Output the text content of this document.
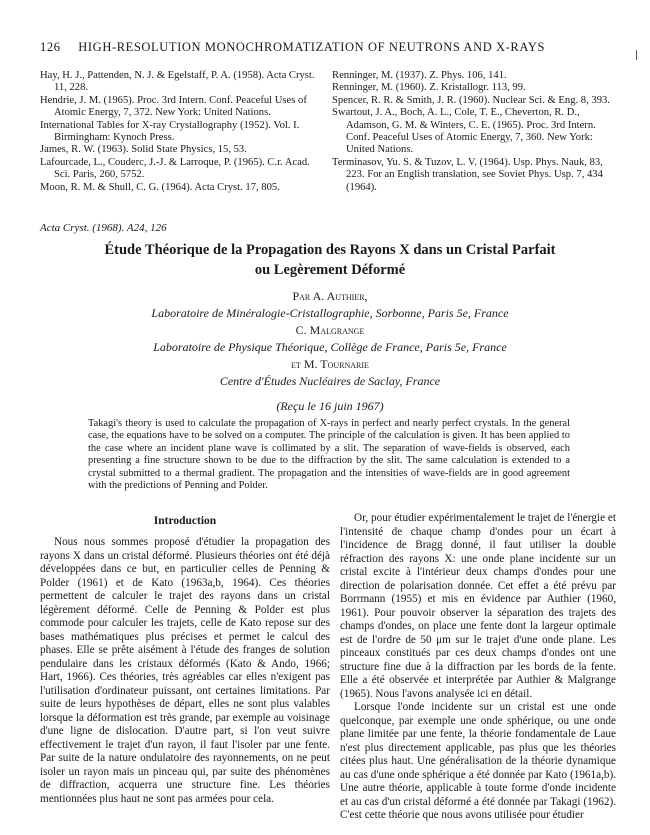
126 HIGH-RESOLUTION MONOCHROMATIZATION OF NEUTRONS AND X-RAYS

Hay, H. J., Pattenden, N. J. & Egelstaff, P. A. (1958). Acta Cryst. 11, 228.

Hendrie, J. M. (1965). Proc. 3rd Intern. Conf. Peaceful Uses of Atomic Energy, 7, 372. New York: United Nations.

International Tables for X-ray Crystallography (1952). Vol. I. Birmingham: Kynoch Press.

James, R. W. (1963). Solid State Physics, 15, 53.

Lafourcade, L., Couderc, J.-J. & Larroque, P. (1965). C.r. Acad. Sci. Paris, 260, 5752.

Moon, R. M. & Shull, C. G. (1964). Acta Cryst. 17, 805.

Renninger, M. (1937). Z. Phys. 106, 141.

Renninger, M. (1960). Z. Kristallogr. 113, 99.

Spencer, R. R. & Smith, J. R. (1960). Nuclear Sci. & Eng. 8, 393.

Swartout, J. A., Boch, A. L., Cole, T. E., Cheverton, R. D., Adamson, G. M. & Winters, C. E. (1965). Proc. 3rd Intern. Conf. Peaceful Uses of Atomic Energy, 7, 360. New York: United Nations.

Terminasov, Yu. S. & Tuzov, L. V. (1964). Usp. Phys. Nauk, 83, 223. For an English translation, see Soviet Phys. Usp. 7, 434 (1964).

Acta Cryst. (1968). A24, 126
Étude Théorique de la Propagation des Rayons X dans un Cristal Parfait
ou Legèrement Déformé
Par A. Authier,
Laboratoire de Minéralogie-Cristallographie, Sorbonne, Paris 5e, France
C. Malgrange
Laboratoire de Physique Théorique, Collège de France, Paris 5e, France
et M. Tournarie
Centre d'Études Nucléaires de Saclay, France
(Reçu le 16 juin 1967)
Takagi's theory is used to calculate the propagation of X-rays in perfect and nearly perfect crystals. In the general case, the equations have to be solved on a computer. The principle of the calculation is given. It has been applied to the case where an incident plane wave is collimated by a slit. The separation of wave-fields is observed, each presenting a fine structure shown to be due to the diffraction by the slit. The same calculation is extended to a crystal submitted to a thermal gradient. The propagation and the intensities of wave-fields are in good agreement with the predictions of Penning and Polder.
Introduction

Nous nous sommes proposé d'étudier la propagation des rayons X dans un cristal déformé. Plusieurs théories ont été déjà développées dans ce but, en particulier celles de Penning & Polder (1961) et de Kato (1963a,b, 1964). Ces théories permettent de calculer le trajet des rayons dans un cristal légèrement déformé. Celle de Penning & Polder est plus commode pour calculer les trajets, celle de Kato repose sur des bases mathématiques plus précises et permet le calcul des phases. Elle se prête aisément à l'étude des franges de solution pendulaire dans les cristaux déformés (Kato & Ando, 1966; Hart, 1966). Ces théories, très agréables car elles n'exigent pas l'utilisation d'ordinateur puissant, ont certaines limitations. Par suite de leurs hypothèses de départ, elles ne sont plus valables lorsque la déformation est très grande, par exemple au voisinage d'une ligne de dislocation. D'autre part, si l'on veut suivre effectivement le trajet d'un rayon, il faut l'isoler par une fente. Par suite de la nature ondulatoire des rayonnements, on ne peut isoler un rayon mais un pinceau qui, par suite des phénomènes de diffraction, acquerra une structure fine. Les théories mentionnées plus haut ne sont pas armées pour cela.

Or, pour étudier expérimentalement le trajet de l'énergie et l'intensité de chaque champ d'ondes pour un écart à l'incidence de Bragg donné, il faut utiliser la double réfraction des rayons X: une onde plane incidente sur un cristal excite à l'intérieur deux champs d'ondes pour une direction de polarisation donnée. Cet effet a été prévu par Borrmann (1955) et mis en évidence par Authier (1960, 1961). Pour pouvoir observer la séparation des trajets des champs d'ondes, on place une fente dont la largeur optimale est de l'ordre de 50 μm sur le trajet d'une onde plane. Les pinceaux constitués par ces deux champs d'ondes ont une structure fine due à la diffraction par les bords de la fente. Elle a été observée et interprétée par Authier & Malgrange (1965). Nous l'avons analysée ici en détail.

Lorsque l'onde incidente sur un cristal est une onde quelconque, par exemple une onde sphérique, ou une onde plane limitée par une fente, la théorie fondamentale de Laue n'est plus directement applicable, pas plus que les théories citées plus haut. Une généralisation de la théorie dynamique au cas d'une onde sphérique a été donnée par Kato (1961a,b). Une autre théorie, applicable à toute forme d'onde incidente et au cas d'un cristal déformé a été donnée par Takagi (1962). C'est cette théorie que nous avons utilisée pour étudier
